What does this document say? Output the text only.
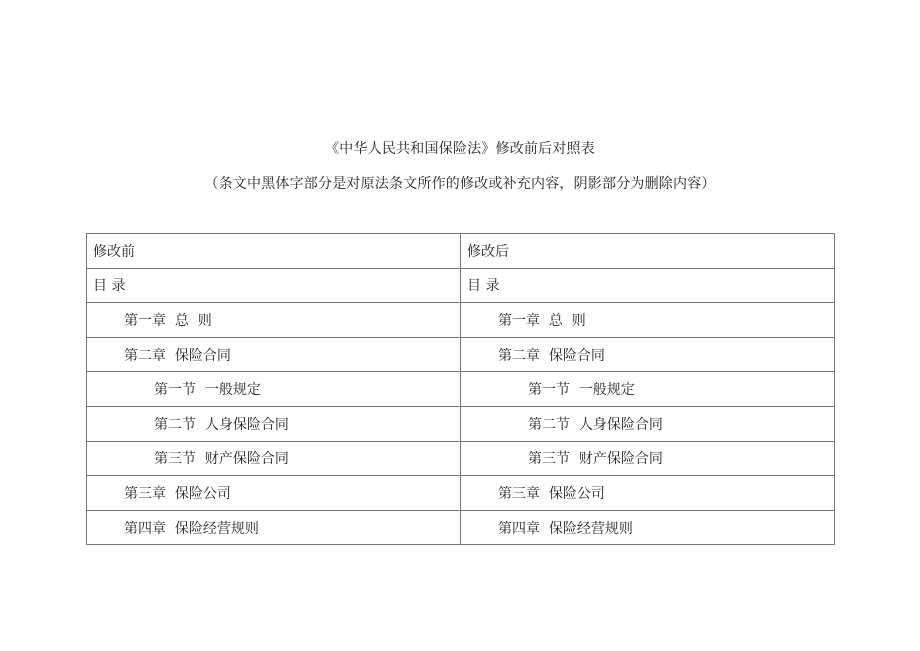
《中华人民共和国保险法》修改前后对照表
（条文中黑体字部分是对原法条文所作的修改或补充内容，阴影部分为删除内容）
修改前	修改后
目 录	目 录
第一章  总  则	第一章  总  则
第二章  保险合同	第二章  保险合同
第一节  一般规定	第一节  一般规定
第二节  人身保险合同	第二节  人身保险合同
第三节  财产保险合同	第三节  财产保险合同
第三章  保险公司	第三章  保险公司
第四章  保险经营规则	第四章  保险经营规则
